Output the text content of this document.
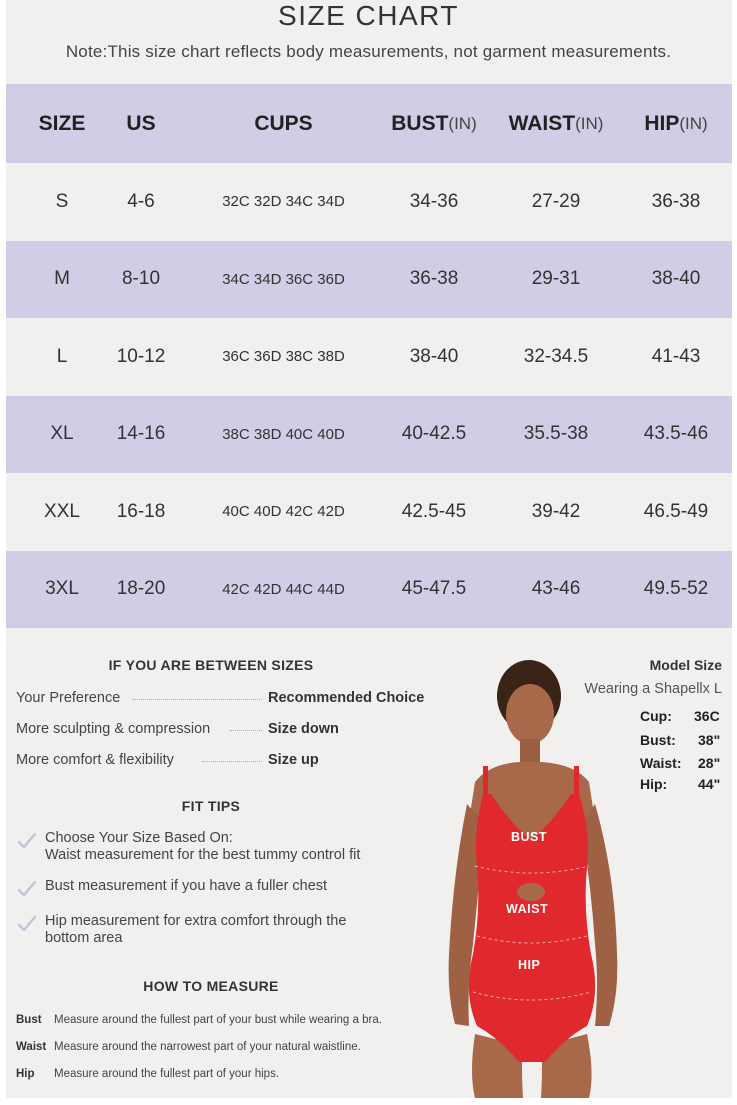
SIZE CHART
Note:This size chart reflects body measurements, not garment measurements.
SIZE US	CUPS	BUST (IN) WAIST (IN) HIP (IN)
S	4-6	32C 32D 34C 34D	34-36	27-29	36-38
M	8-10	34C 34D 36C 36D	36-38	29-31	38-40
L	10-12	36C 36D 38C 38D	38-40	32-34.5	41-43
XL	14-16	38C 38D 40C 40D	40-42.5	35.5-38	43.5-46
XXL	16-18	40C 40D 42C 42D	42.5-45	39-42	46.5-49
3XL	18-20	42C 42D 44C 44D	45-47.5	43-46	49.5-52
IF YOU ARE BETWEEN SIZES
Your Preference	Recommended Choice
More sculpting & compression	Size down
More comfort & flexibility	Size up
FIT TIPS
Choose Your Size Based On:
Waist measurement for the best tummy control fit
Bust measurement if you have a fuller chest
Hip measurement for extra comfort through the
bottom area
HOW TO MEASURE
Bust Measure around the fullest part of your bust while wearing a bra.
Waist Measure around the narrowest part of your natural waistline.
Hip Measure around the fullest part of your hips.
BUST
WAIST
HIP
Model Size
Wearing a Shapellx L
Cup: 36C
Bust: 38"
Waist: 28"
Hip: 44"
